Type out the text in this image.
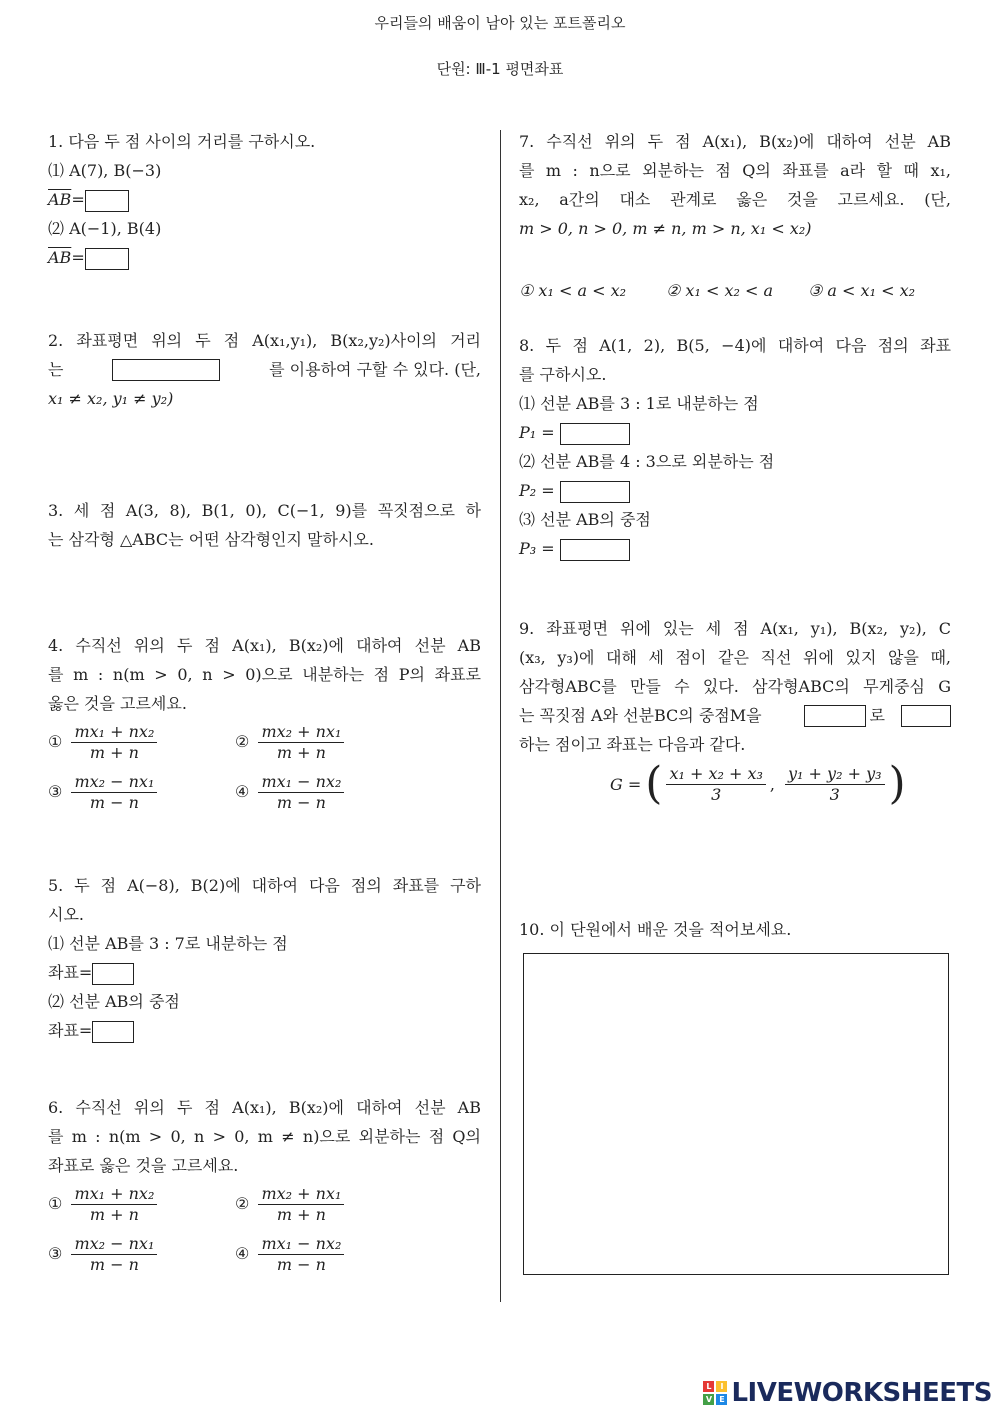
우리들의 배움이 남아 있는 포트폴리오
단원: Ⅲ-1 평면좌표
1. 다음 두 점 사이의 거리를 구하시오.
⑴ A(7), B(−3)
$\overline{AB}=$
⑵ A(−1), B(4)
$\overline{AB}=$
2. 좌표평면 위의 두 점 A(x₁,y₁), B(x₂,y₂)사이의 거리
는	를 이용하여 구할 수 있다. (단,
x₁ ≠ x₂, y₁ ≠ y₂)
3. 세 점 A(3, 8), B(1, 0), C(−1, 9)를 꼭짓점으로 하
는 삼각형 △ABC는 어떤 삼각형인지 말하시오.
4. 수직선 위의 두 점 A(x₁), B(x₂)에 대하여 선분 AB
를 m : n(m > 0, n > 0)으로 내분하는 점 P의 좌표로
옳은 것을 고르세요.
① $\frac{\text{mx₁ + nx₂}}{m + n}$	② $\frac{\text{mx₂ + nx₁}}{m + n}$
③ $\frac{\text{mx₂ − nx₁}}{m - n}$	④ $\frac{\text{mx₁ − nx₂}}{m - n}$
5. 두 점 A(−8), B(2)에 대하여 다음 점의 좌표를 구하
시오.
⑴ 선분 AB를 3 : 7로 내분하는 점
좌표=
⑵ 선분 AB의 중점
좌표=
6. 수직선 위의 두 점 A(x₁), B(x₂)에 대하여 선분 AB
를 m : n(m > 0, n > 0, m ≠ n)으로 외분하는 점 Q의
좌표로 옳은 것을 고르세요.
① $\frac{\text{mx₁ + nx₂}}{m + n}$	② $\frac{\text{mx₂ + nx₁}}{m + n}$
③ $\frac{\text{mx₂ − nx₁}}{m - n}$	④ $\frac{\text{mx₁ − nx₂}}{m - n}$
7. 수직선 위의 두 점 A(x₁), B(x₂)에 대하여 선분 AB
를 m : n으로 외분하는 점 Q의 좌표를 a라 할 때 x₁,
x₂, a간의 대소 관계로 옳은 것을 고르세요. (단,
m > 0, n > 0, m ≠ n, m > n, x₁ < x₂)
① x₁ < a < x₂	② x₁ < x₂ < a ③ a < x₁ < x₂
8. 두 점 A(1, 2), B(5, −4)에 대하여 다음 점의 좌표
를 구하시오.
⑴ 선분 AB를 3 : 1로 내분하는 점
P₁ =
⑵ 선분 AB를 4 : 3으로 외분하는 점
P₂ =
⑶ 선분 AB의 중점
P₃ =
9. 좌표평면 위에 있는 세 점 A(x₁, y₁), B(x₂, y₂), C
(x₃, y₃)에 대해 세 점이 같은 직선 위에 있지 않을 때,
삼각형ABC를 만들 수 있다. 삼각형ABC의 무게중심 G
는 꼭짓점 A와 선분BC의 중점M을	로
하는 점이고 좌표는 다음과 같다.
G = ( $\frac{\text{x₁ + x₂ + x₃}}{3}$ , $\frac{\text{y₁ + y₂ + y₃}}{3}$ )
10. 이 단원에서 배운 것을 적어보세요.
L	I
V E LIVEWORKSHEETS
